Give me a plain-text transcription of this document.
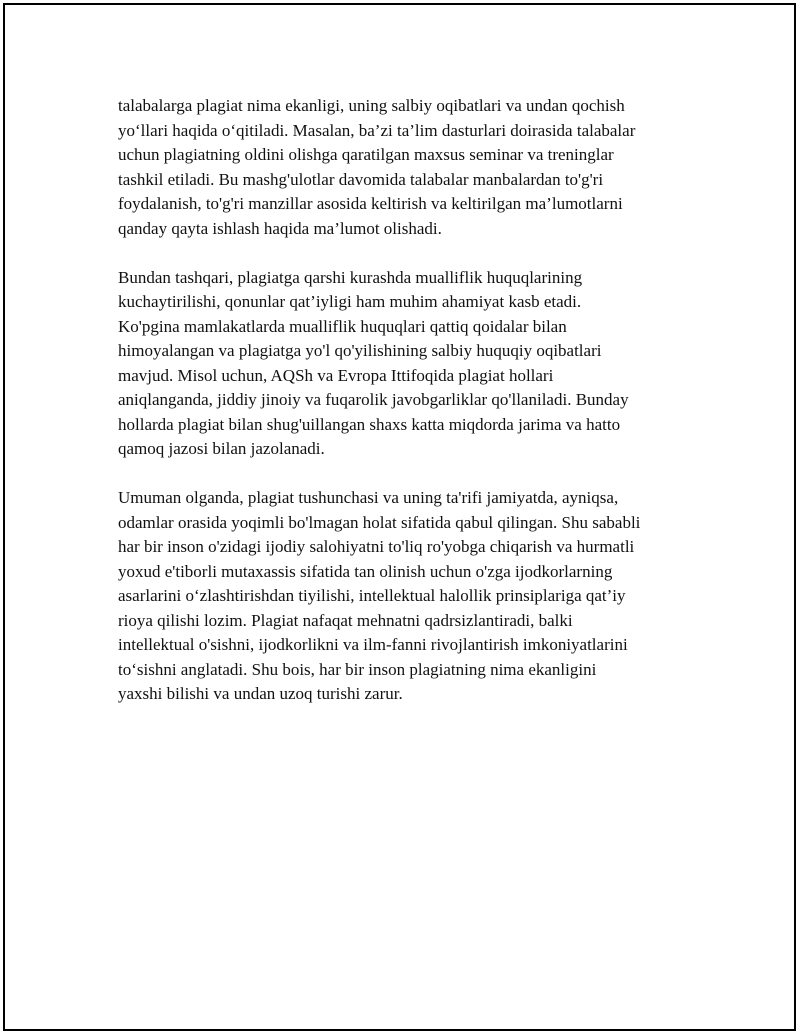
talabalarga plagiat nima ekanligi, uning salbiy oqibatlari va undan qochish
yo‘llari haqida o‘qitiladi. Masalan, ba’zi ta’lim dasturlari doirasida talabalar
uchun plagiatning oldini olishga qaratilgan maxsus seminar va treninglar
tashkil etiladi. Bu mashg'ulotlar davomida talabalar manbalardan to'g'ri
foydalanish, to'g'ri manzillar asosida keltirish va keltirilgan ma’lumotlarni
qanday qayta ishlash haqida ma’lumot olishadi.
Bundan tashqari, plagiatga qarshi kurashda mualliflik huquqlarining
kuchaytirilishi, qonunlar qat’iyligi ham muhim ahamiyat kasb etadi.
Ko'pgina mamlakatlarda mualliflik huquqlari qattiq qoidalar bilan
himoyalangan va plagiatga yo'l qo'yilishining salbiy huquqiy oqibatlari
mavjud. Misol uchun, AQSh va Evropa Ittifoqida plagiat hollari
aniqlanganda, jiddiy jinoiy va fuqarolik javobgarliklar qo'llaniladi. Bunday
hollarda plagiat bilan shug'uillangan shaxs katta miqdorda jarima va hatto
qamoq jazosi bilan jazolanadi.
Umuman olganda, plagiat tushunchasi va uning ta'rifi jamiyatda, ayniqsa,
odamlar orasida yoqimli bo'lmagan holat sifatida qabul qilingan. Shu sababli
har bir inson o'zidagi ijodiy salohiyatni to'liq ro'yobga chiqarish va hurmatli
yoxud e'tiborli mutaxassis sifatida tan olinish uchun o'zga ijodkorlarning
asarlarini o‘zlashtirishdan tiyilishi, intellektual halollik prinsiplariga qat’iy
rioya qilishi lozim. Plagiat nafaqat mehnatni qadrsizlantiradi, balki
intellektual o'sishni, ijodkorlikni va ilm-fanni rivojlantirish imkoniyatlarini
to‘sishni anglatadi. Shu bois, har bir inson plagiatning nima ekanligini
yaxshi bilishi va undan uzoq turishi zarur.
